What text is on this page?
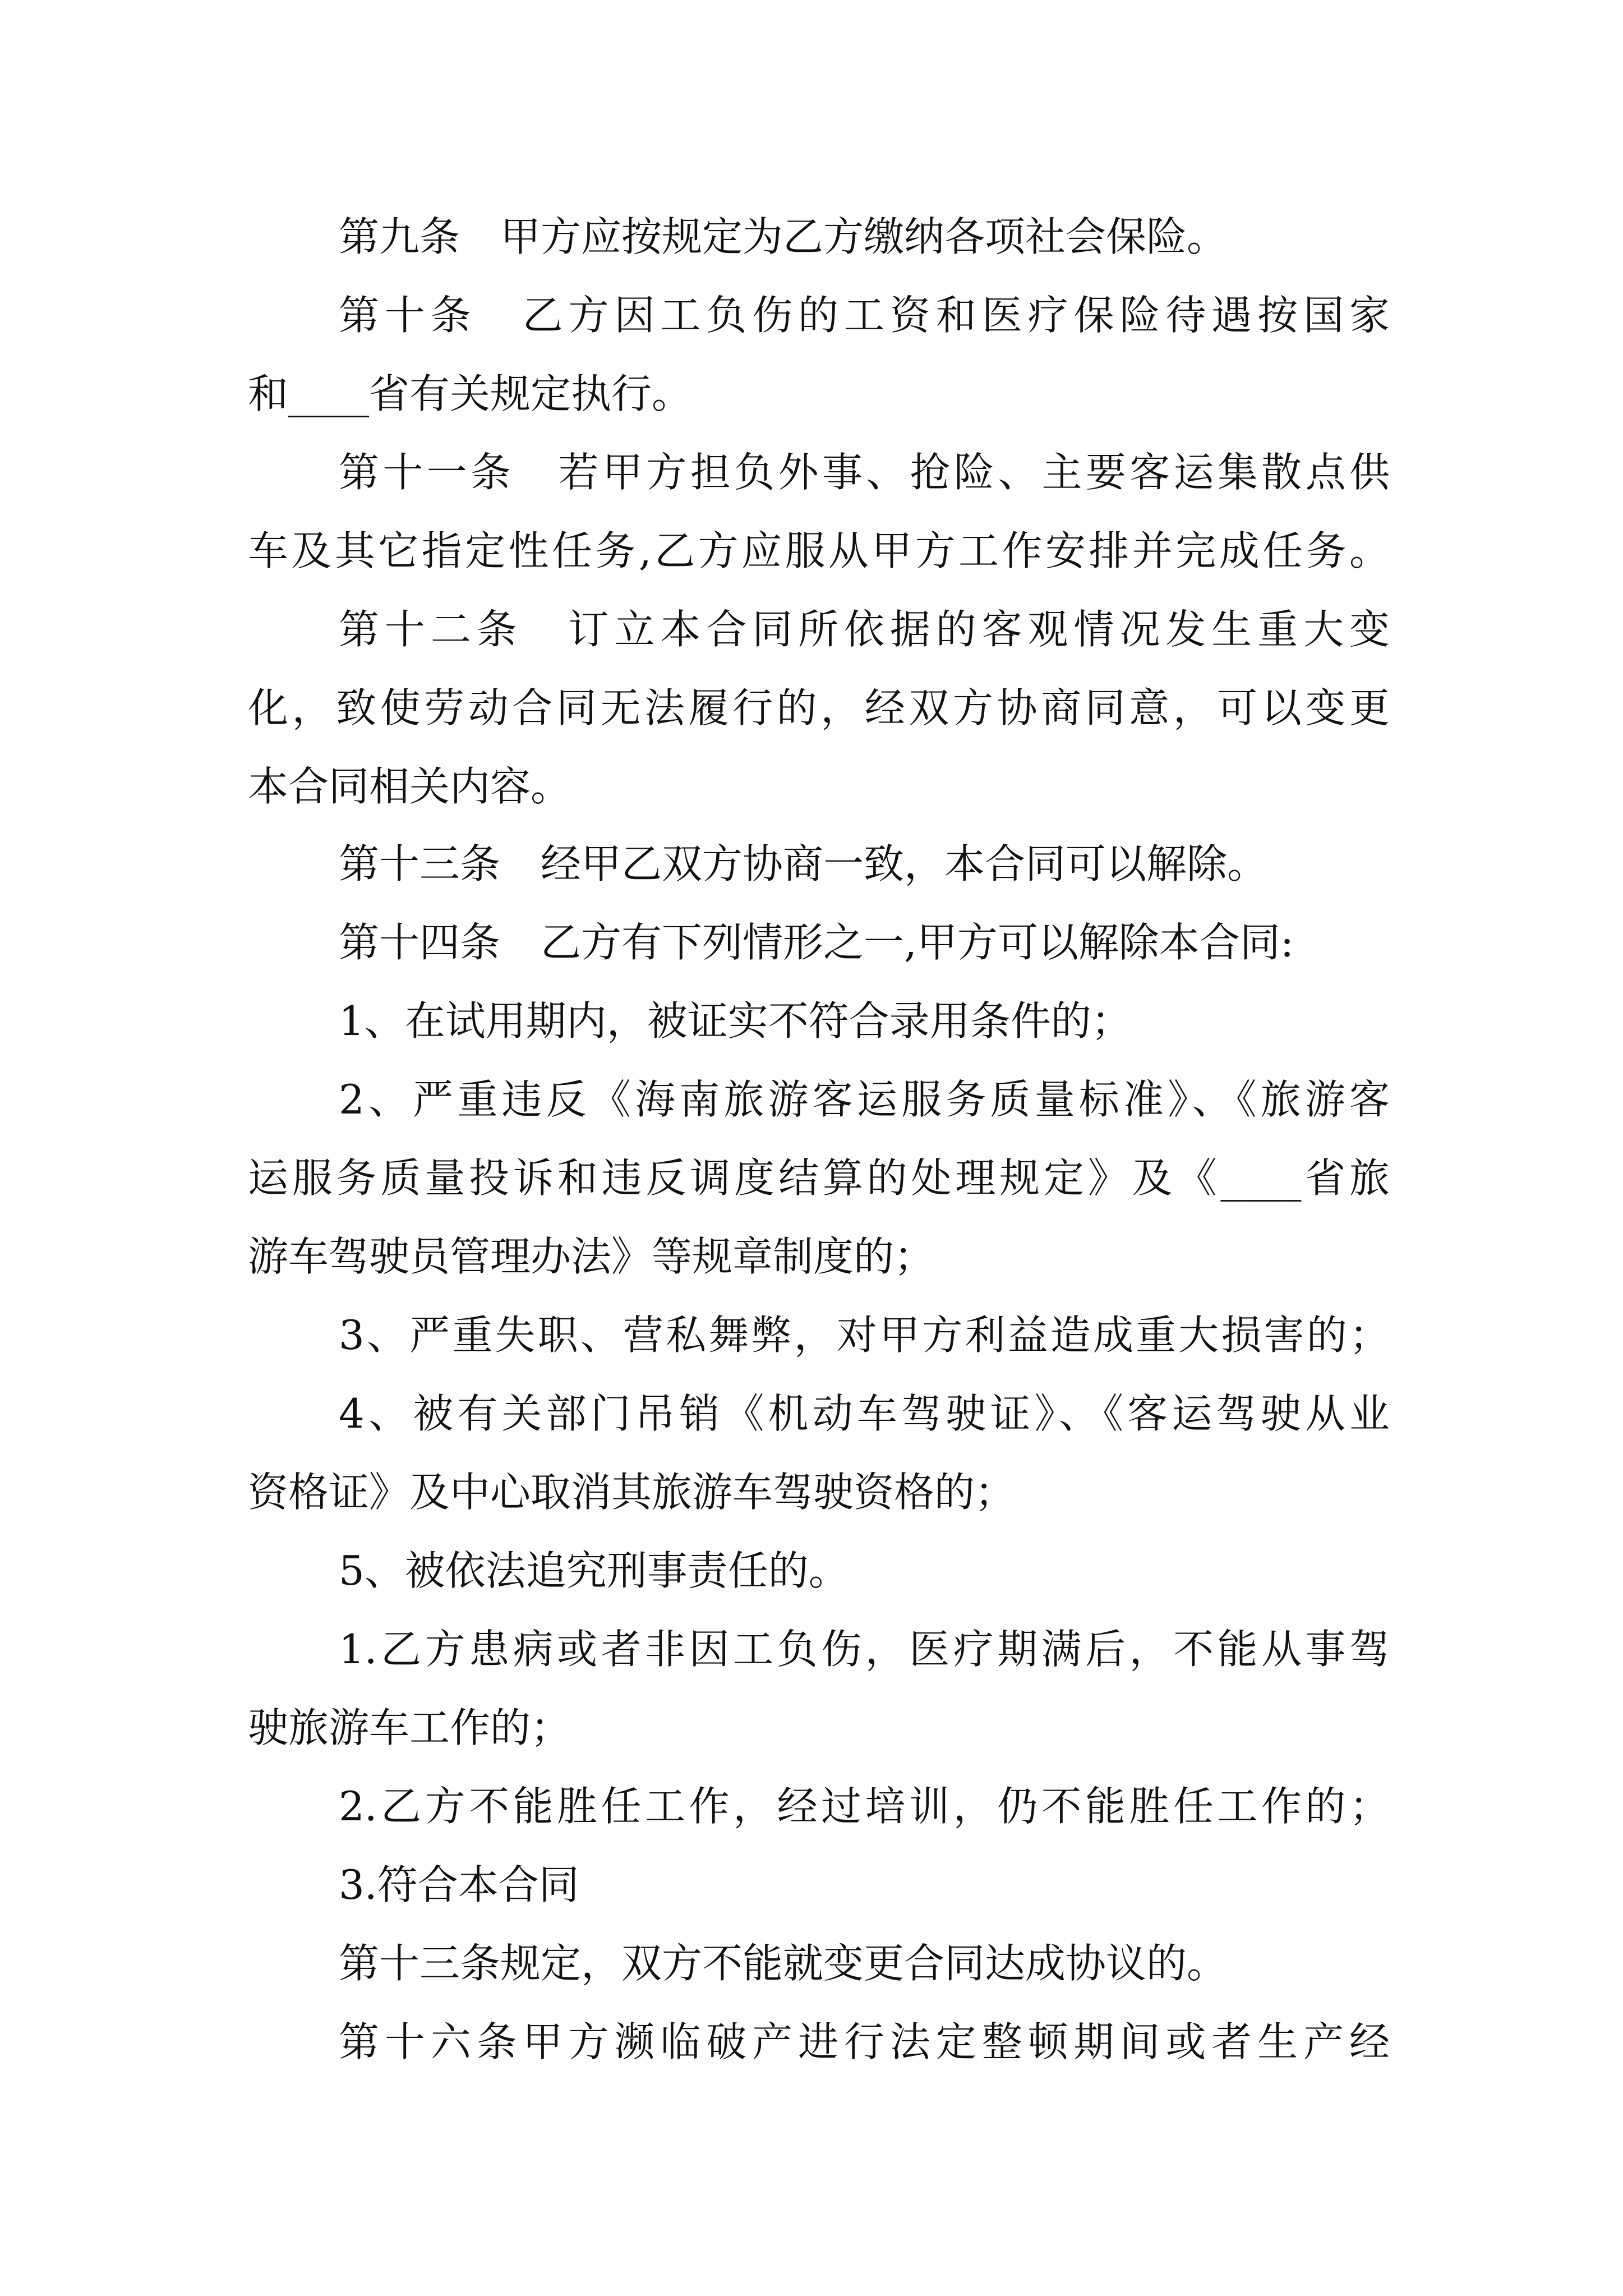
第九条　甲方应按规定为乙方缴纳各项社会保险。
第十条　乙方因工负伤的工资和医疗保险待遇按国家
和____省有关规定执行。
第十一条　若甲方担负外事、抢险、主要客运集散点供
车及其它指定性任务,乙方应服从甲方工作安排并完成任务。
第十二条　订立本合同所依据的客观情况发生重大变
化，致使劳动合同无法履行的，经双方协商同意，可以变更
本合同相关内容。
第十三条　经甲乙双方协商一致，本合同可以解除。
第十四条　乙方有下列情形之一,甲方可以解除本合同:
1、在试用期内，被证实不符合录用条件的；
2、严重违反《海南旅游客运服务质量标准》、《旅游客
运服务质量投诉和违反调度结算的处理规定》及《____省旅
游车驾驶员管理办法》等规章制度的；
3、严重失职、营私舞弊，对甲方利益造成重大损害的；
4、被有关部门吊销《机动车驾驶证》、《客运驾驶从业
资格证》及中心取消其旅游车驾驶资格的；
5、被依法追究刑事责任的。
1.乙方患病或者非因工负伤，医疗期满后，不能从事驾
驶旅游车工作的；
2.乙方不能胜任工作，经过培训，仍不能胜任工作的；
3.符合本合同
第十三条规定，双方不能就变更合同达成协议的。
第十六条甲方濒临破产进行法定整顿期间或者生产经
